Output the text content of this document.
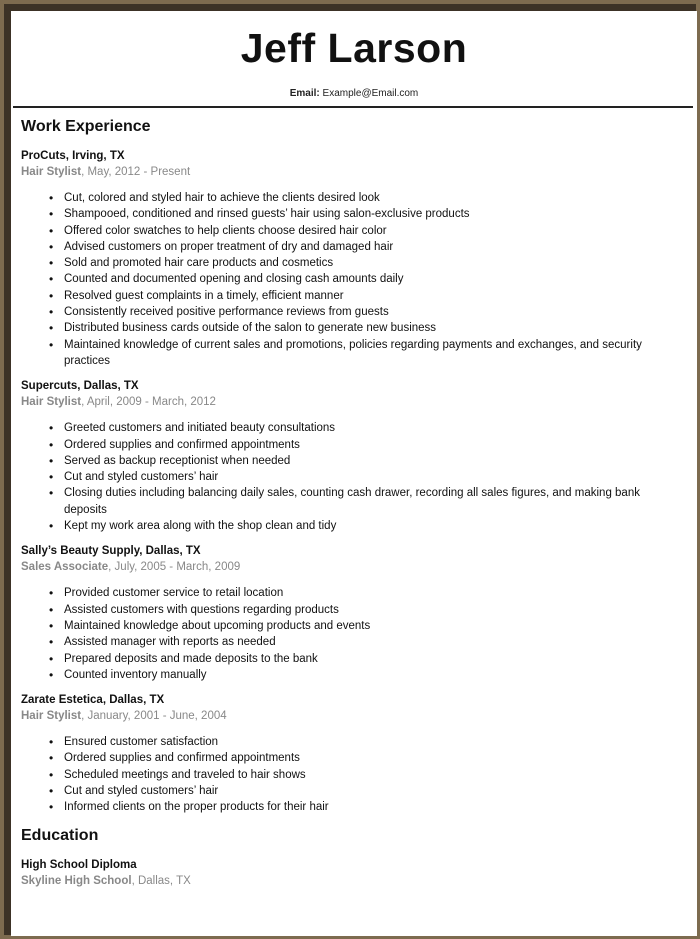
Jeff Larson
Email: Example@Email.com
Work Experience
ProCuts, Irving, TX
Hair Stylist, May, 2012 - Present
• Cut, colored and styled hair to achieve the clients desired look
• Shampooed, conditioned and rinsed guests’ hair using salon-exclusive products
• Offered color swatches to help clients choose desired hair color
• Advised customers on proper treatment of dry and damaged hair
• Sold and promoted hair care products and cosmetics
• Counted and documented opening and closing cash amounts daily
• Resolved guest complaints in a timely, efficient manner
• Consistently received positive performance reviews from guests
• Distributed business cards outside of the salon to generate new business
• Maintained knowledge of current sales and promotions, policies regarding payments and exchanges, and security practices
Supercuts, Dallas, TX
Hair Stylist, April, 2009 - March, 2012
• Greeted customers and initiated beauty consultations
• Ordered supplies and confirmed appointments
• Served as backup receptionist when needed
• Cut and styled customers’ hair
• Closing duties including balancing daily sales, counting cash drawer, recording all sales figures, and making bank deposits
• Kept my work area along with the shop clean and tidy
Sally’s Beauty Supply, Dallas, TX
Sales Associate, July, 2005 - March, 2009
• Provided customer service to retail location
• Assisted customers with questions regarding products
• Maintained knowledge about upcoming products and events
• Assisted manager with reports as needed
• Prepared deposits and made deposits to the bank
• Counted inventory manually
Zarate Estetica, Dallas, TX
Hair Stylist, January, 2001 - June, 2004
• Ensured customer satisfaction
• Ordered supplies and confirmed appointments
• Scheduled meetings and traveled to hair shows
• Cut and styled customers’ hair
• Informed clients on the proper products for their hair
Education
High School Diploma
Skyline High School, Dallas, TX
